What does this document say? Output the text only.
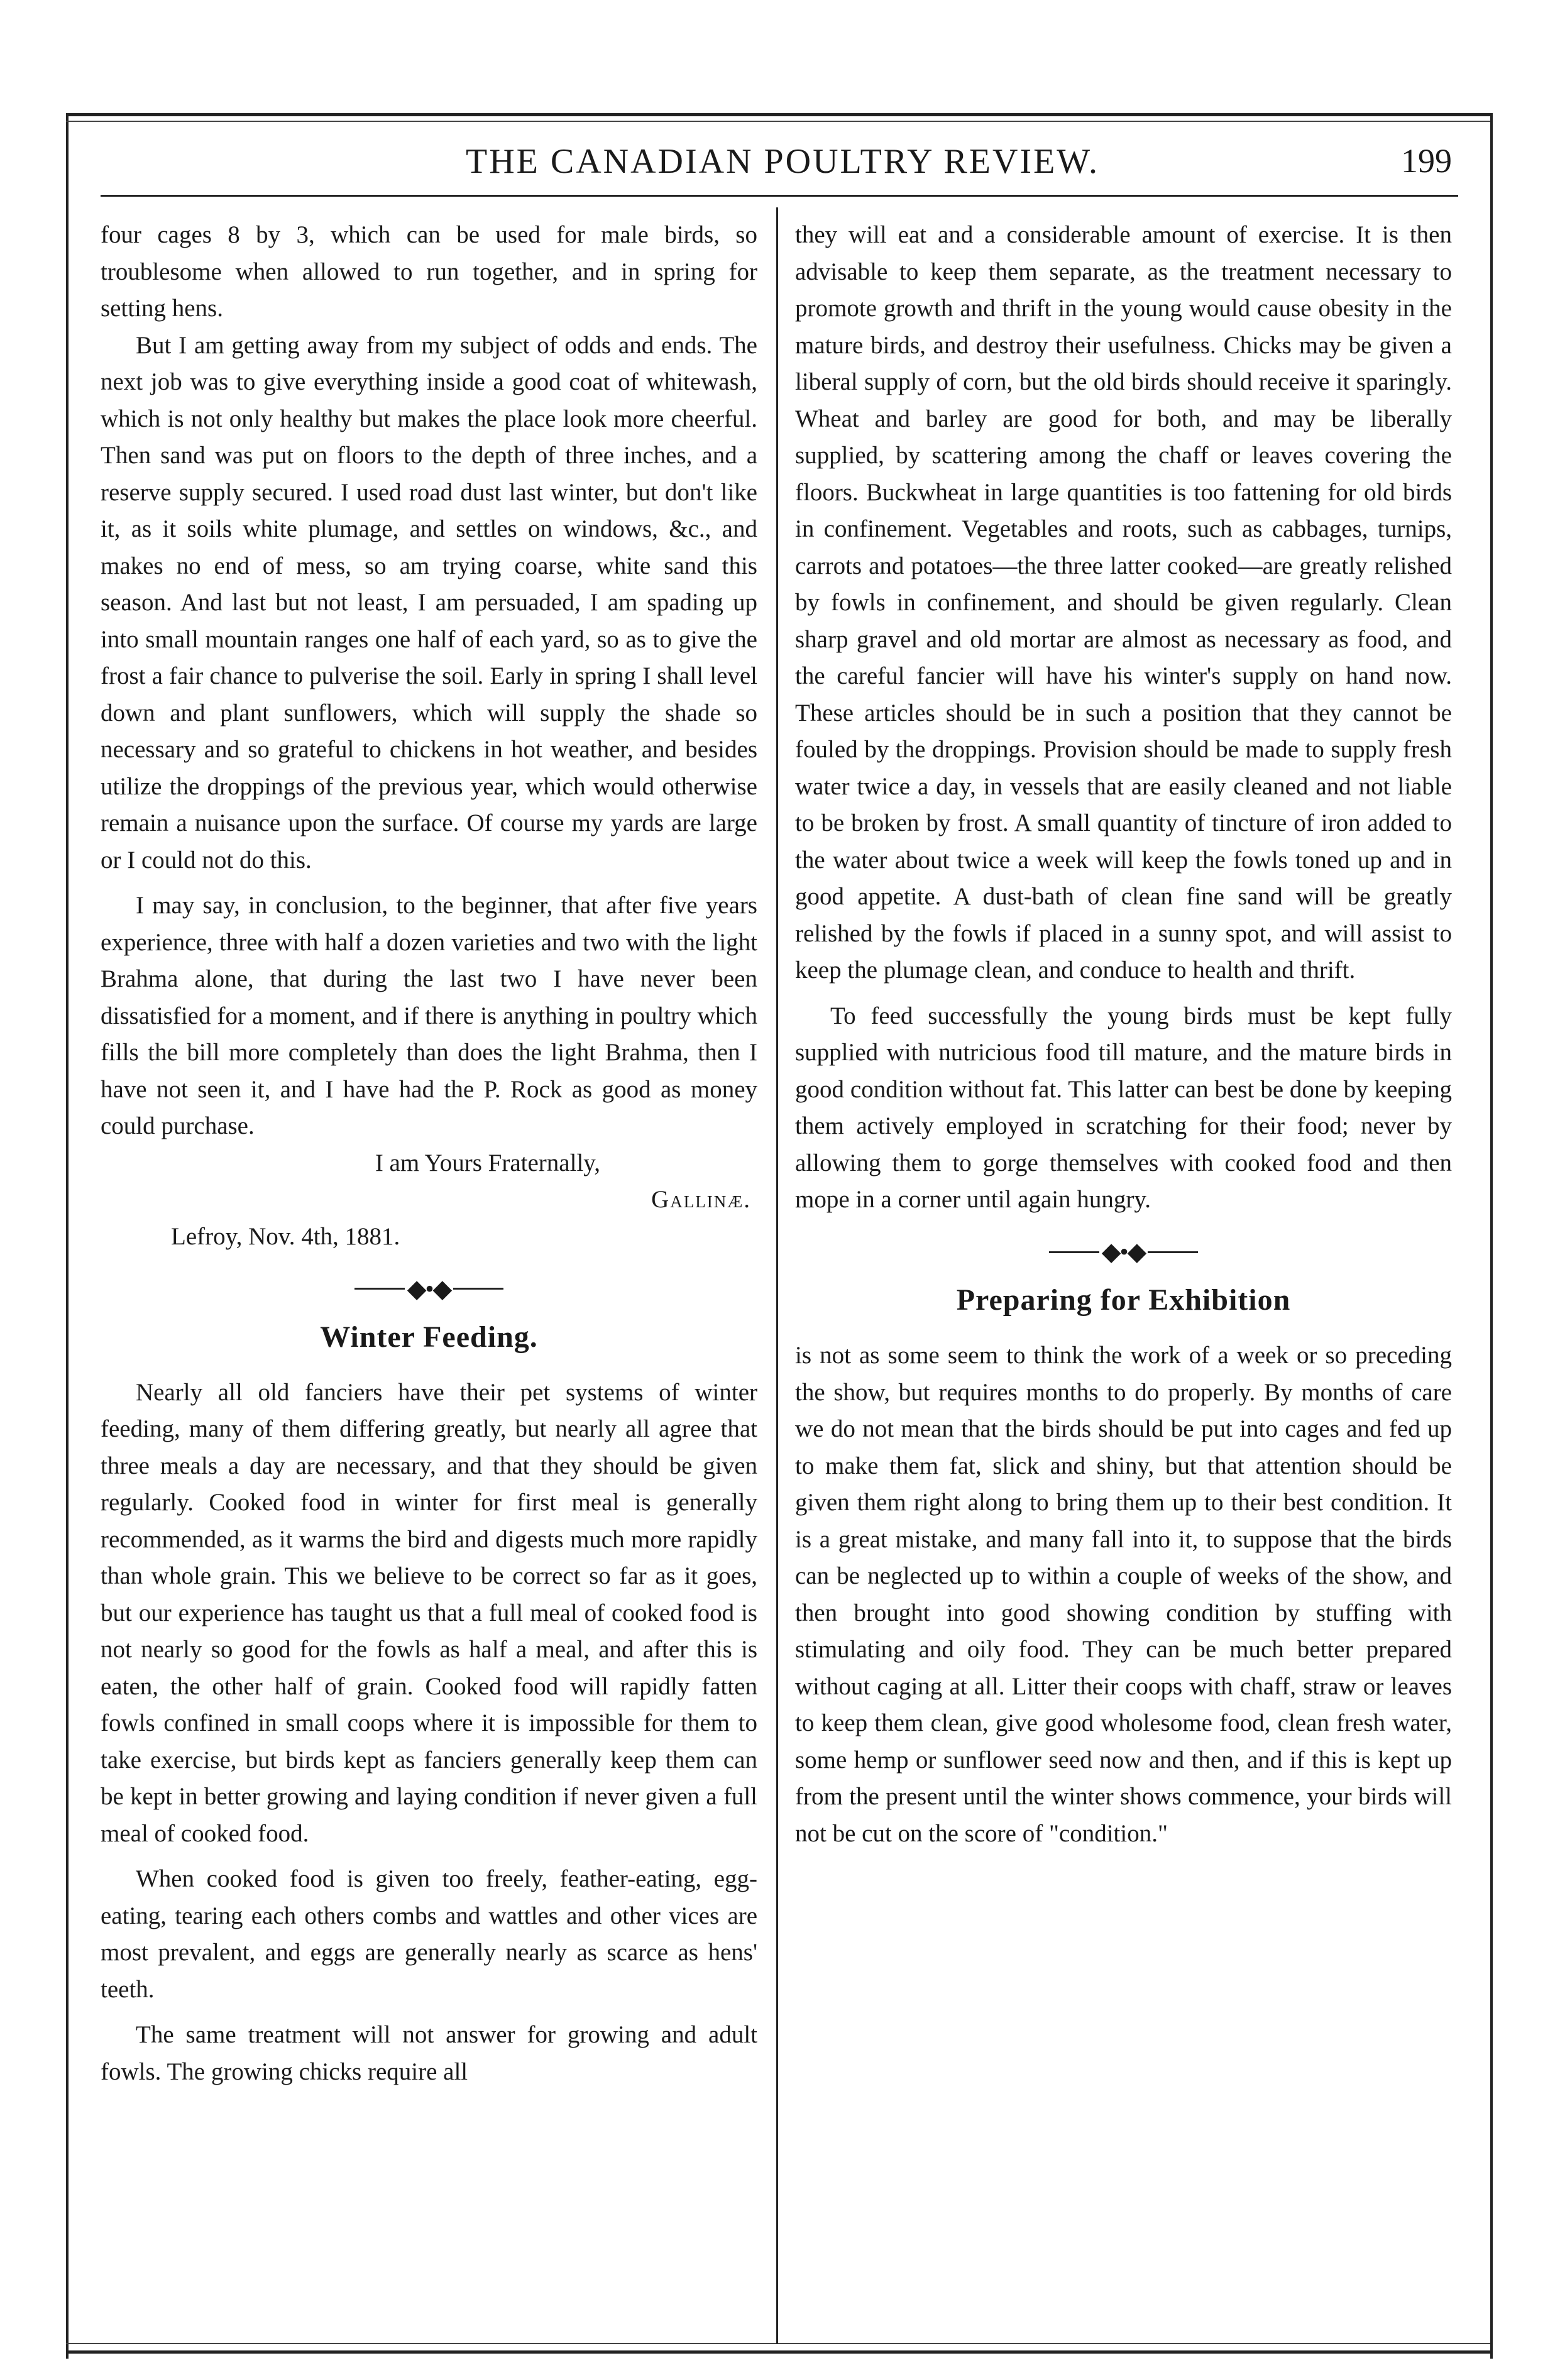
THE CANADIAN POULTRY REVIEW.	199

four cages 8 by 3, which can be used for male birds, so troublesome when allowed to run together, and in spring for setting hens.

But I am getting away from my subject of odds and ends. The next job was to give everything inside a good coat of whitewash, which is not only healthy but makes the place look more cheerful. Then sand was put on floors to the depth of three inches, and a reserve supply secured. I used road dust last winter, but don't like it, as it soils white plumage, and settles on windows, &c., and makes no end of mess, so am trying coarse, white sand this season. And last but not least, I am persuaded, I am spading up into small mountain ranges one half of each yard, so as to give the frost a fair chance to pulverise the soil. Early in spring I shall level down and plant sunflowers, which will supply the shade so necessary and so grateful to chickens in hot weather, and besides utilize the droppings of the previous year, which would otherwise remain a nuisance upon the surface. Of course my yards are large or I could not do this.

I may say, in conclusion, to the beginner, that after five years experience, three with half a dozen varieties and two with the light Brahma alone, that during the last two I have never been dissatisfied for a moment, and if there is anything in poultry which fills the bill more completely than does the light Brahma, then I have not seen it, and I have had the P. Rock as good as money could purchase.

I am Yours Fraternally,

Gallinæ.

Lefroy, Nov. 4th, 1881.

◆•◆
Winter Feeding.

Nearly all old fanciers have their pet systems of winter feeding, many of them differing greatly, but nearly all agree that three meals a day are necessary, and that they should be given regularly. Cooked food in winter for first meal is generally recommended, as it warms the bird and digests much more rapidly than whole grain. This we believe to be correct so far as it goes, but our experience has taught us that a full meal of cooked food is not nearly so good for the fowls as half a meal, and after this is eaten, the other half of grain. Cooked food will rapidly fatten fowls confined in small coops where it is impossible for them to take exercise, but birds kept as fanciers generally keep them can be kept in better growing and laying condition if never given a full meal of cooked food.

When cooked food is given too freely, feather-eating, egg-eating, tearing each others combs and wattles and other vices are most prevalent, and eggs are generally nearly as scarce as hens' teeth.

The same treatment will not answer for growing and adult fowls. The growing chicks require all

they will eat and a considerable amount of exercise. It is then advisable to keep them separate, as the treatment necessary to promote growth and thrift in the young would cause obesity in the mature birds, and destroy their usefulness. Chicks may be given a liberal supply of corn, but the old birds should receive it sparingly. Wheat and barley are good for both, and may be liberally supplied, by scattering among the chaff or leaves covering the floors. Buckwheat in large quantities is too fattening for old birds in confinement. Vegetables and roots, such as cabbages, turnips, carrots and potatoes—the three latter cooked—are greatly relished by fowls in confinement, and should be given regularly. Clean sharp gravel and old mortar are almost as necessary as food, and the careful fancier will have his winter's supply on hand now. These articles should be in such a position that they cannot be fouled by the droppings. Provision should be made to supply fresh water twice a day, in vessels that are easily cleaned and not liable to be broken by frost. A small quantity of tincture of iron added to the water about twice a week will keep the fowls toned up and in good appetite. A dust-bath of clean fine sand will be greatly relished by the fowls if placed in a sunny spot, and will assist to keep the plumage clean, and conduce to health and thrift.

To feed successfully the young birds must be kept fully supplied with nutricious food till mature, and the mature birds in good condition without fat. This latter can best be done by keeping them actively employed in scratching for their food; never by allowing them to gorge themselves with cooked food and then mope in a corner until again hungry.

◆•◆
Preparing for Exhibition

is not as some seem to think the work of a week or so preceding the show, but requires months to do properly. By months of care we do not mean that the birds should be put into cages and fed up to make them fat, slick and shiny, but that attention should be given them right along to bring them up to their best condition. It is a great mistake, and many fall into it, to suppose that the birds can be neglected up to within a couple of weeks of the show, and then brought into good showing condition by stuffing with stimulating and oily food. They can be much better prepared without caging at all. Litter their coops with chaff, straw or leaves to keep them clean, give good wholesome food, clean fresh water, some hemp or sunflower seed now and then, and if this is kept up from the present until the winter shows commence, your birds will not be cut on the score of "condition."
